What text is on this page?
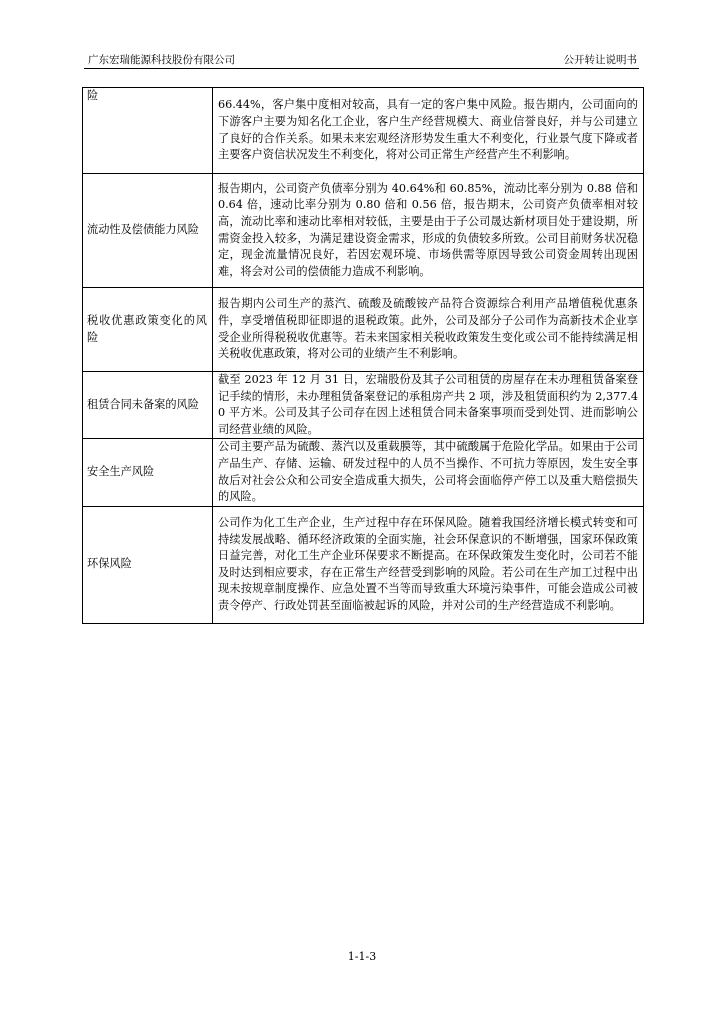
广东宏瑞能源科技股份有限公司	公开转让说明书
险	66.44%，客户集中度相对较高，具有一定的客户集中风险。报告期内，公司面向的下游客户主要为知名化工企业，客户生产经营规模大、商业信誉良好，并与公司建立了良好的合作关系。如果未来宏观经济形势发生重大不利变化，行业景气度下降或者主要客户资信状况发生不利变化，将对公司正常生产经营产生不利影响。
流动性及偿债能力风险	报告期内，公司资产负债率分别为 40.64%和 60.85%，流动比率分别为 0.88 倍和 0.64 倍，速动比率分别为 0.80 倍和 0.56 倍，报告期末，公司资产负债率相对较高，流动比率和速动比率相对较低，主要是由于子公司晟达新材项目处于建设期，所需资金投入较多，为满足建设资金需求，形成的负债较多所致。公司目前财务状况稳定，现金流量情况良好，若因宏观环境、市场供需等原因导致公司资金周转出现困难，将会对公司的偿债能力造成不利影响。
税收优惠政策变化的风险	报告期内公司生产的蒸汽、硫酸及硫酸铵产品符合资源综合利用产品增值税优惠条件，享受增值税即征即退的退税政策。此外，公司及部分子公司作为高新技术企业享受企业所得税税收优惠等。若未来国家相关税收政策发生变化或公司不能持续满足相关税收优惠政策，将对公司的业绩产生不利影响。
租赁合同未备案的风险	截至 2023 年 12 月 31 日，宏瑞股份及其子公司租赁的房屋存在未办理租赁备案登记手续的情形，未办理租赁备案登记的承租房产共 2 项，涉及租赁面积约为 2,377.40 平方米。公司及其子公司存在因上述租赁合同未备案事项而受到处罚、进而影响公司经营业绩的风险。
安全生产风险	公司主要产品为硫酸、蒸汽以及重载膜等，其中硫酸属于危险化学品。如果由于公司产品生产、存储、运输、研发过程中的人员不当操作、不可抗力等原因，发生安全事故后对社会公众和公司安全造成重大损失，公司将会面临停产停工以及重大赔偿损失的风险。
环保风险	公司作为化工生产企业，生产过程中存在环保风险。随着我国经济增长模式转变和可持续发展战略、循环经济政策的全面实施，社会环保意识的不断增强，国家环保政策日益完善，对化工生产企业环保要求不断提高。在环保政策发生变化时，公司若不能及时达到相应要求，存在正常生产经营受到影响的风险。若公司在生产加工过程中出现未按规章制度操作、应急处置不当等而导致重大环境污染事件，可能会造成公司被责令停产、行政处罚甚至面临被起诉的风险，并对公司的生产经营造成不利影响。
1-1-3
